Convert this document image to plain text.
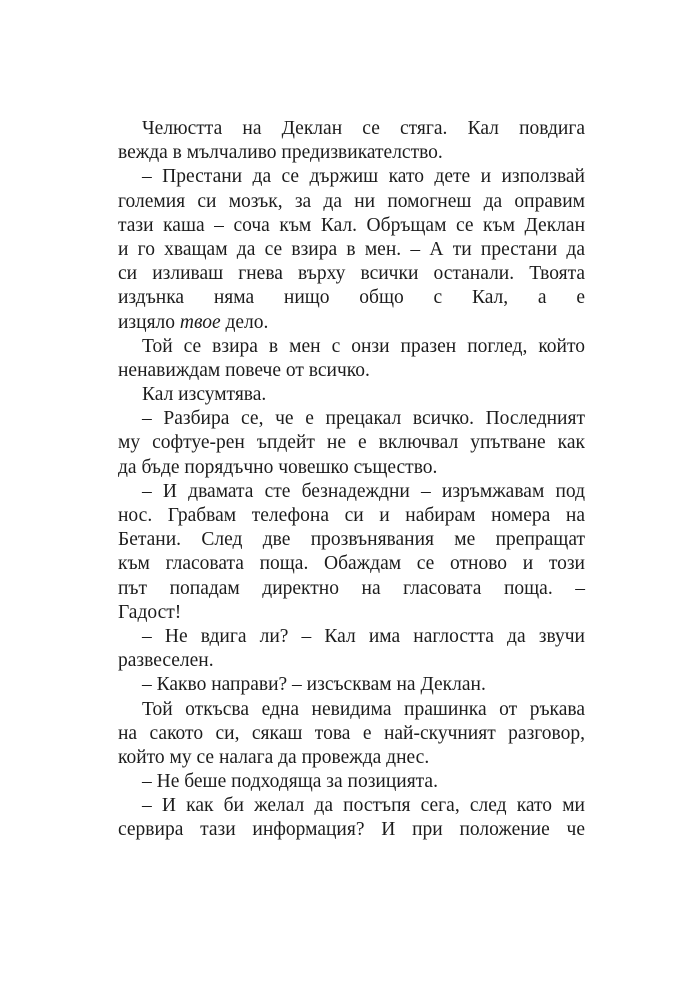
Челюстта на Деклан се стяга. Кал повдига
вежда в мълчаливо предизвикателство.
– Престани да се държиш като дете и използвай
големия си мозък, за да ни помогнеш да оправим
тази каша – соча към Кал. Обръщам се към Деклан
и го хващам да се взира в мен. – А ти престани да
си изливаш гнева върху всички останали. Твоята
издънка няма нищо общо с Кал, а е
изцяло твое дело.
Той се взира в мен с онзи празен поглед, който
ненавиждам повече от всичко.
Кал изсумтява.
– Разбира се, че е прецакал всичко. Последният
му софтуе-рен ъпдейт не е включвал упътване как
да бъде порядъчно човешко същество.
– И двамата сте безнадеждни – изръмжавам под
нос. Грабвам телефона си и набирам номера на
Бетани. След две прозвънявания ме препращат
към гласовата поща. Обаждам се отново и този
път попадам директно на гласовата поща. –
Гадост!
– Не вдига ли? – Кал има наглостта да звучи
развеселен.
– Какво направи? – изсъсквам на Деклан.
Той откъсва една невидима прашинка от ръкава
на сакото си, сякаш това е най-скучният разговор,
който му се налага да провежда днес.
– Не беше подходяща за позицията.
– И как би желал да постъпя сега, след като ми
сервира тази информация? И при положение че
